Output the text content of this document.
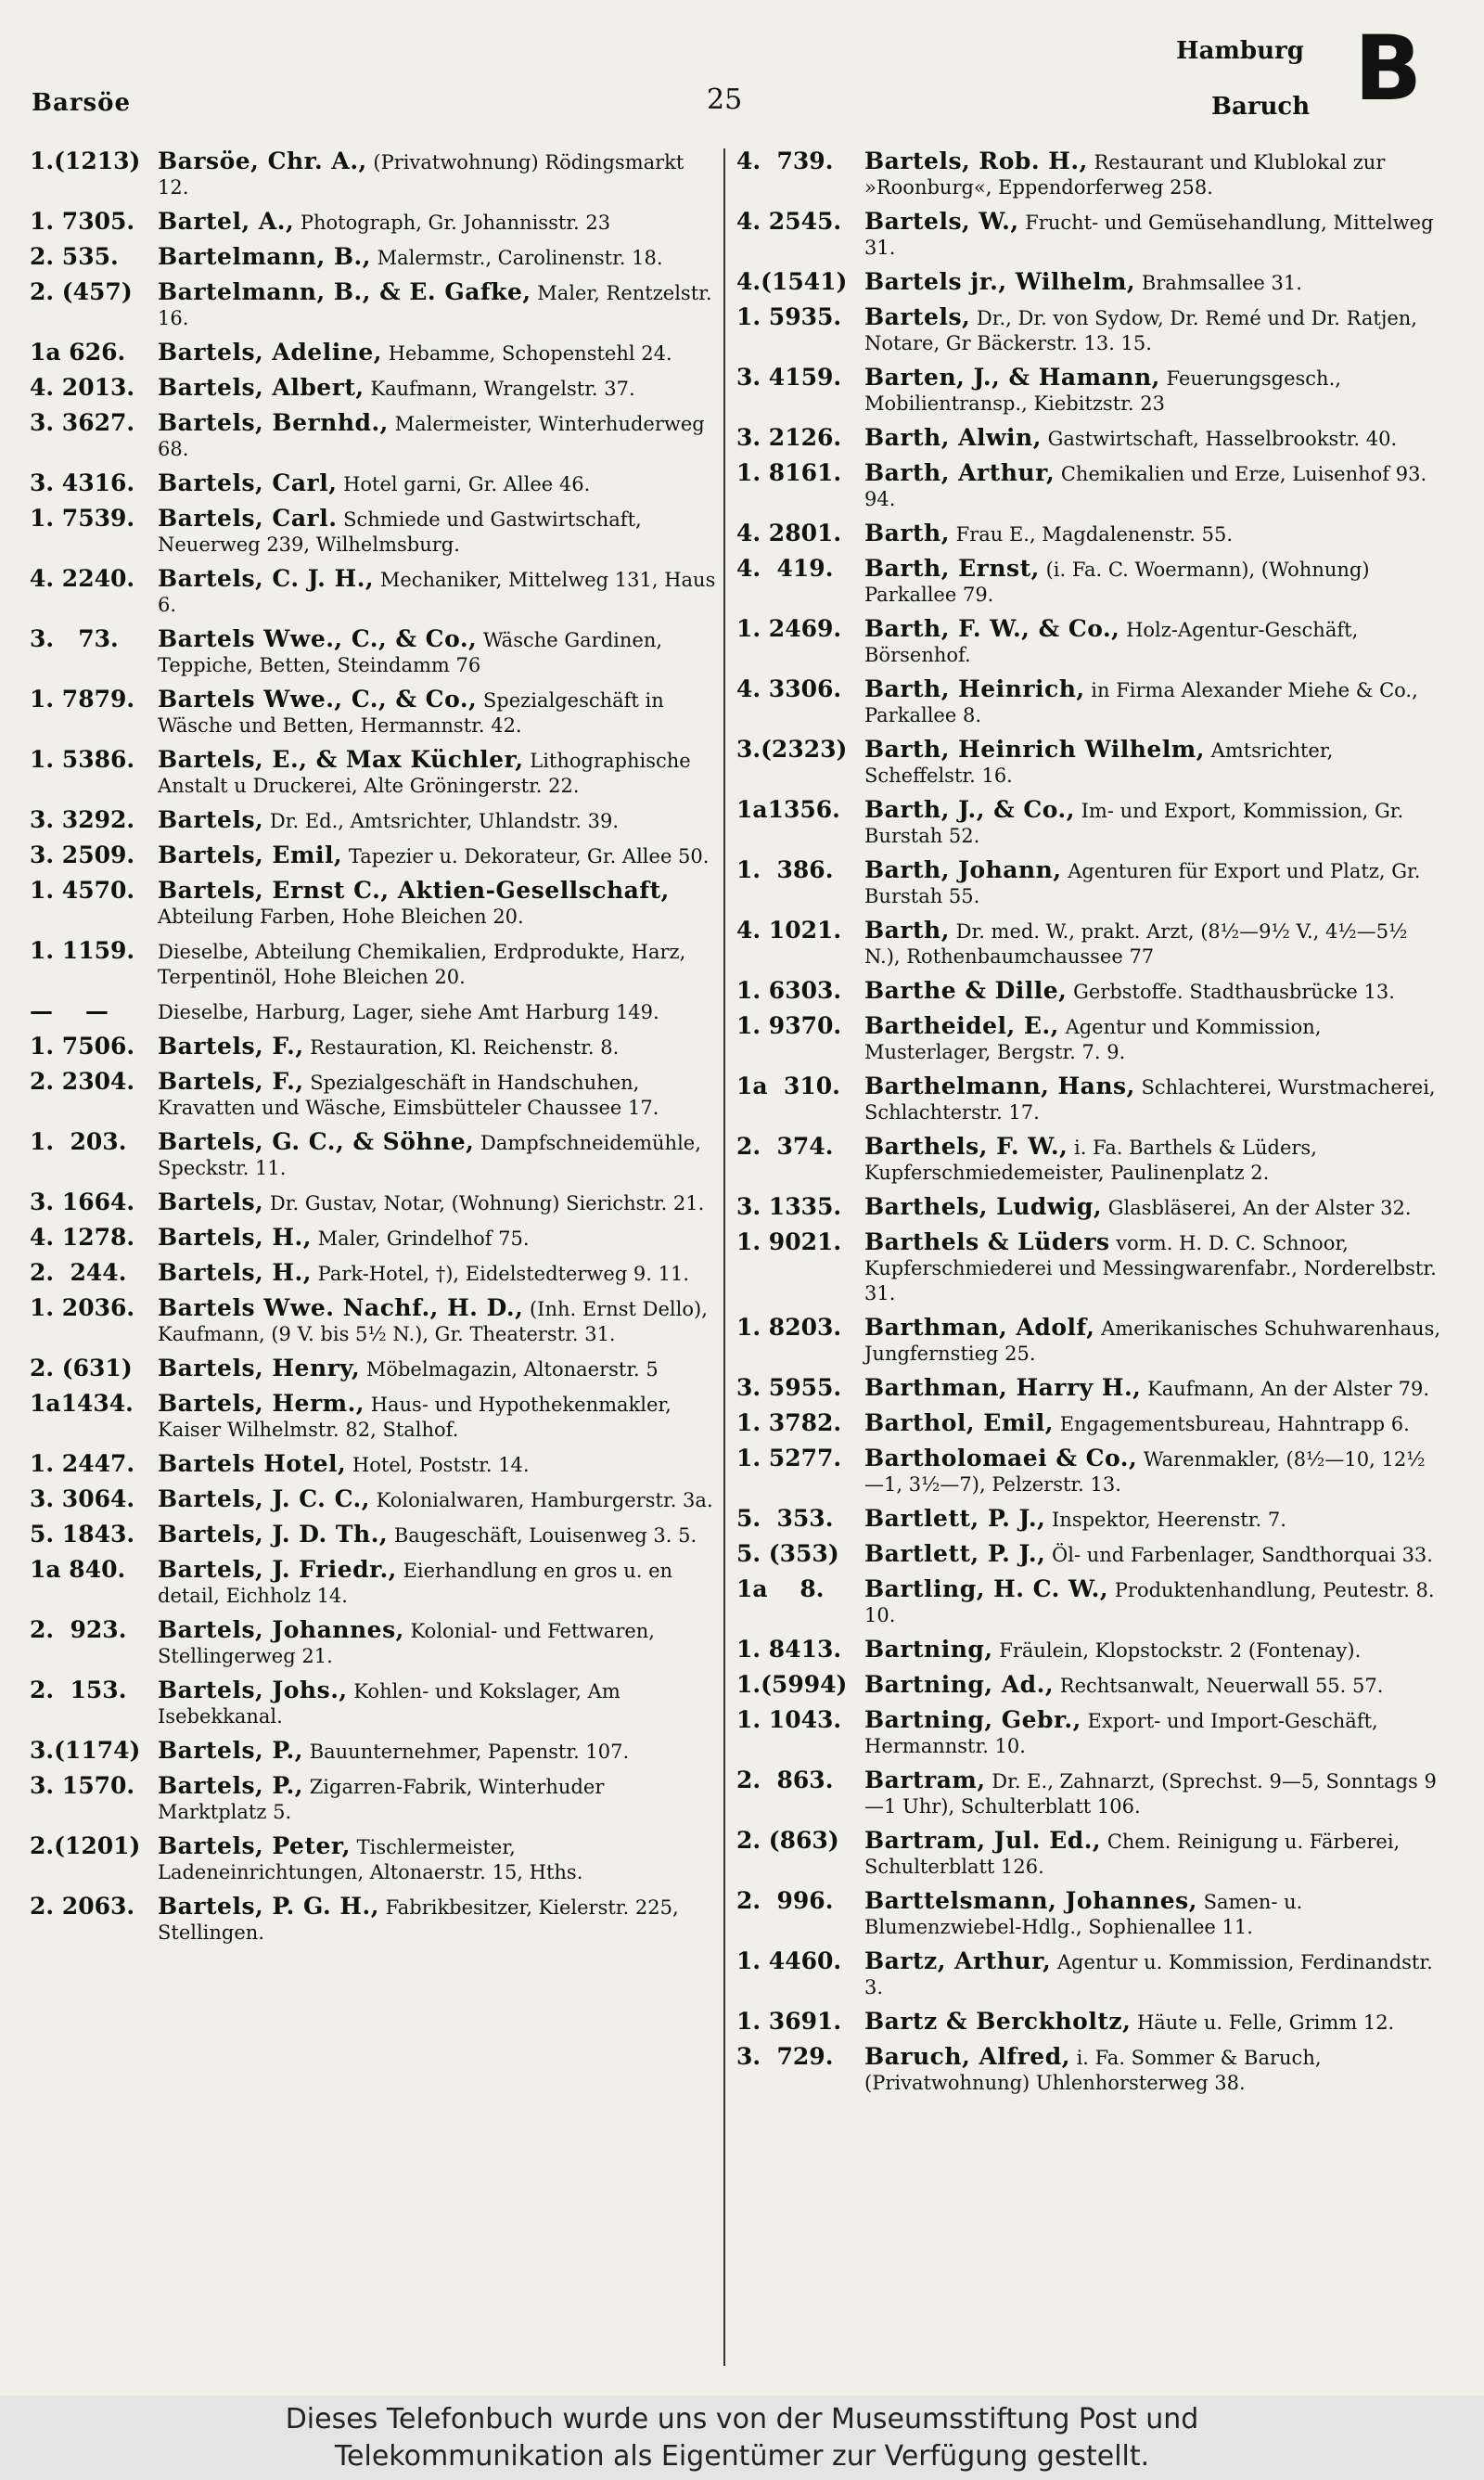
Barsöe	25
Hamburg
Baruch B
1.(1213) Barsöe, Chr. A., (Privatwohnung) Rödingsmarkt 12.
1. 7305. Bartel, A., Photograph, Gr. Johannisstr. 23
2. 535.	Bartelmann, B., Malermstr., Carolinenstr. 18.
2. (457)	Bartelmann, B., & E. Gafke, Maler, Rentzelstr. 16.
1a 626.	Bartels, Adeline, Hebamme, Schopenstehl 24.
4. 2013. Bartels, Albert, Kaufmann, Wrangelstr. 37.
3. 3627. Bartels, Bernhd., Malermeister, Winterhuderweg 68.
3. 4316. Bartels, Carl, Hotel garni, Gr. Allee 46.
1. 7539. Bartels, Carl. Schmiede und Gastwirtschaft, Neuerweg 239, Wilhelmsburg.
4. 2240. Bartels, C. J. H., Mechaniker, Mittelweg 131, Haus 6.
3.   73.	Bartels Wwe., C., & Co., Wäsche Gardinen, Teppiche, Betten, Steindamm 76
1. 7879. Bartels Wwe., C., & Co., Spezialgeschäft in Wäsche und Betten, Hermannstr. 42.
1. 5386. Bartels, E., & Max Küchler, Lithographische Anstalt u Druckerei, Alte Gröningerstr. 22.
3. 3292. Bartels, Dr. Ed., Amtsrichter, Uhlandstr. 39.
3. 2509. Bartels, Emil, Tapezier u. Dekorateur, Gr. Allee 50.
1. 4570. Bartels, Ernst C., Aktien-Gesellschaft, Abteilung Farben, Hohe Bleichen 20.
1. 1159.	Dieselbe, Abteilung Chemikalien, Erdprodukte, Harz, Terpentinöl, Hohe Bleichen 20.
—    —	Dieselbe, Harburg, Lager, siehe Amt Harburg 149.
1. 7506. Bartels, F., Restauration, Kl. Reichenstr. 8.
2. 2304. Bartels, F., Spezialgeschäft in Handschuhen, Kravatten und Wäsche, Eimsbütteler Chaussee 17.
1.  203.	Bartels, G. C., & Söhne, Dampfschneidemühle, Speckstr. 11.
3. 1664. Bartels, Dr. Gustav, Notar, (Wohnung) Sierichstr. 21.
4. 1278. Bartels, H., Maler, Grindelhof 75.
2.  244.	Bartels, H., Park-Hotel, †), Eidelstedterweg 9. 11.
1. 2036. Bartels Wwe. Nachf., H. D., (Inh. Ernst Dello), Kaufmann, (9 V. bis 5½ N.), Gr. Theaterstr. 31.
2. (631)	Bartels, Henry, Möbelmagazin, Altonaerstr. 5
1a1434.	Bartels, Herm., Haus- und Hypothekenmakler, Kaiser Wilhelmstr. 82, Stalhof.
1. 2447. Bartels Hotel, Hotel, Poststr. 14.
3. 3064. Bartels, J. C. C., Kolonialwaren, Hamburgerstr. 3a.
5. 1843. Bartels, J. D. Th., Baugeschäft, Louisenweg 3. 5.
1a 840.	Bartels, J. Friedr., Eierhandlung en gros u. en detail, Eichholz 14.
2.  923.	Bartels, Johannes, Kolonial- und Fettwaren, Stellingerweg 21.
2.  153.	Bartels, Johs., Kohlen- und Kokslager, Am Isebekkanal.
3.(1174) Bartels, P., Bauunternehmer, Papenstr. 107.
3. 1570. Bartels, P., Zigarren-Fabrik, Winterhuder Marktplatz 5.
2.(1201) Bartels, Peter, Tischlermeister, Ladeneinrichtungen, Altonaerstr. 15, Hths.
2. 2063. Bartels, P. G. H., Fabrikbesitzer, Kielerstr. 225, Stellingen.
4.  739.	Bartels, Rob. H., Restaurant und Klublokal zur »Roonburg«, Eppendorferweg 258.
4. 2545. Bartels, W., Frucht- und Gemüsehandlung, Mittelweg 31.
4.(1541) Bartels jr., Wilhelm, Brahmsallee 31.
1. 5935. Bartels, Dr., Dr. von Sydow, Dr. Remé und Dr. Ratjen, Notare, Gr Bäckerstr. 13. 15.
3. 4159. Barten, J., & Hamann, Feuerungsgesch., Mobilientransp., Kiebitzstr. 23
3. 2126. Barth, Alwin, Gastwirtschaft, Hasselbrookstr. 40.
1. 8161. Barth, Arthur, Chemikalien und Erze, Luisenhof 93. 94.
4. 2801. Barth, Frau E., Magdalenenstr. 55.
4.  419.	Barth, Ernst, (i. Fa. C. Woermann), (Wohnung) Parkallee 79.
1. 2469. Barth, F. W., & Co., Holz-Agentur-Geschäft, Börsenhof.
4. 3306. Barth, Heinrich, in Firma Alexander Miehe & Co., Parkallee 8.
3.(2323) Barth, Heinrich Wilhelm, Amtsrichter, Scheffelstr. 16.
1a1356.	Barth, J., & Co., Im- und Export, Kommission, Gr. Burstah 52.
1.  386.	Barth, Johann, Agenturen für Export und Platz, Gr. Burstah 55.
4. 1021. Barth, Dr. med. W., prakt. Arzt, (8½—9½ V., 4½—5½ N.), Rothenbaumchaussee 77
1. 6303. Barthe & Dille, Gerbstoffe. Stadthausbrücke 13.
1. 9370. Bartheidel, E., Agentur und Kommission, Musterlager, Bergstr. 7. 9.
1a  310.	Barthelmann, Hans, Schlachterei, Wurstmacherei, Schlachterstr. 17.
2.  374.	Barthels, F. W., i. Fa. Barthels & Lüders, Kupferschmiedemeister, Paulinenplatz 2.
3. 1335. Barthels, Ludwig, Glasbläserei, An der Alster 32.
1. 9021. Barthels & Lüders vorm. H. D. C. Schnoor, Kupferschmiederei und Messingwarenfabr., Norderelbstr. 31.
1. 8203. Barthman, Adolf, Amerikanisches Schuhwarenhaus, Jungfernstieg 25.
3. 5955. Barthman, Harry H., Kaufmann, An der Alster 79.
1. 3782. Barthol, Emil, Engagementsbureau, Hahntrapp 6.
1. 5277. Bartholomaei & Co., Warenmakler, (8½—10, 12½—1, 3½—7), Pelzerstr. 13.
5.  353.	Bartlett, P. J., Inspektor, Heerenstr. 7.
5. (353)	Bartlett, P. J., Öl- und Farbenlager, Sandthorquai 33.
1a    8.	Bartling, H. C. W., Produktenhandlung, Peutestr. 8. 10.
1. 8413. Bartning, Fräulein, Klopstockstr. 2 (Fontenay).
1.(5994) Bartning, Ad., Rechtsanwalt, Neuerwall 55. 57.
1. 1043. Bartning, Gebr., Export- und Import-Geschäft, Hermannstr. 10.
2.  863.	Bartram, Dr. E., Zahnarzt, (Sprechst. 9—5, Sonntags 9—1 Uhr), Schulterblatt 106.
2. (863)	Bartram, Jul. Ed., Chem. Reinigung u. Färberei, Schulterblatt 126.
2.  996.	Barttelsmann, Johannes, Samen- u. Blumenzwiebel-Hdlg., Sophienallee 11.
1. 4460. Bartz, Arthur, Agentur u. Kommission, Ferdinandstr. 3.
1. 3691. Bartz & Berckholtz, Häute u. Felle, Grimm 12.
3.  729.	Baruch, Alfred, i. Fa. Sommer & Baruch, (Privatwohnung) Uhlenhorsterweg 38.
Dieses Telefonbuch wurde uns von der Museumsstiftung Post und
Telekommunikation als Eigentümer zur Verfügung gestellt.
